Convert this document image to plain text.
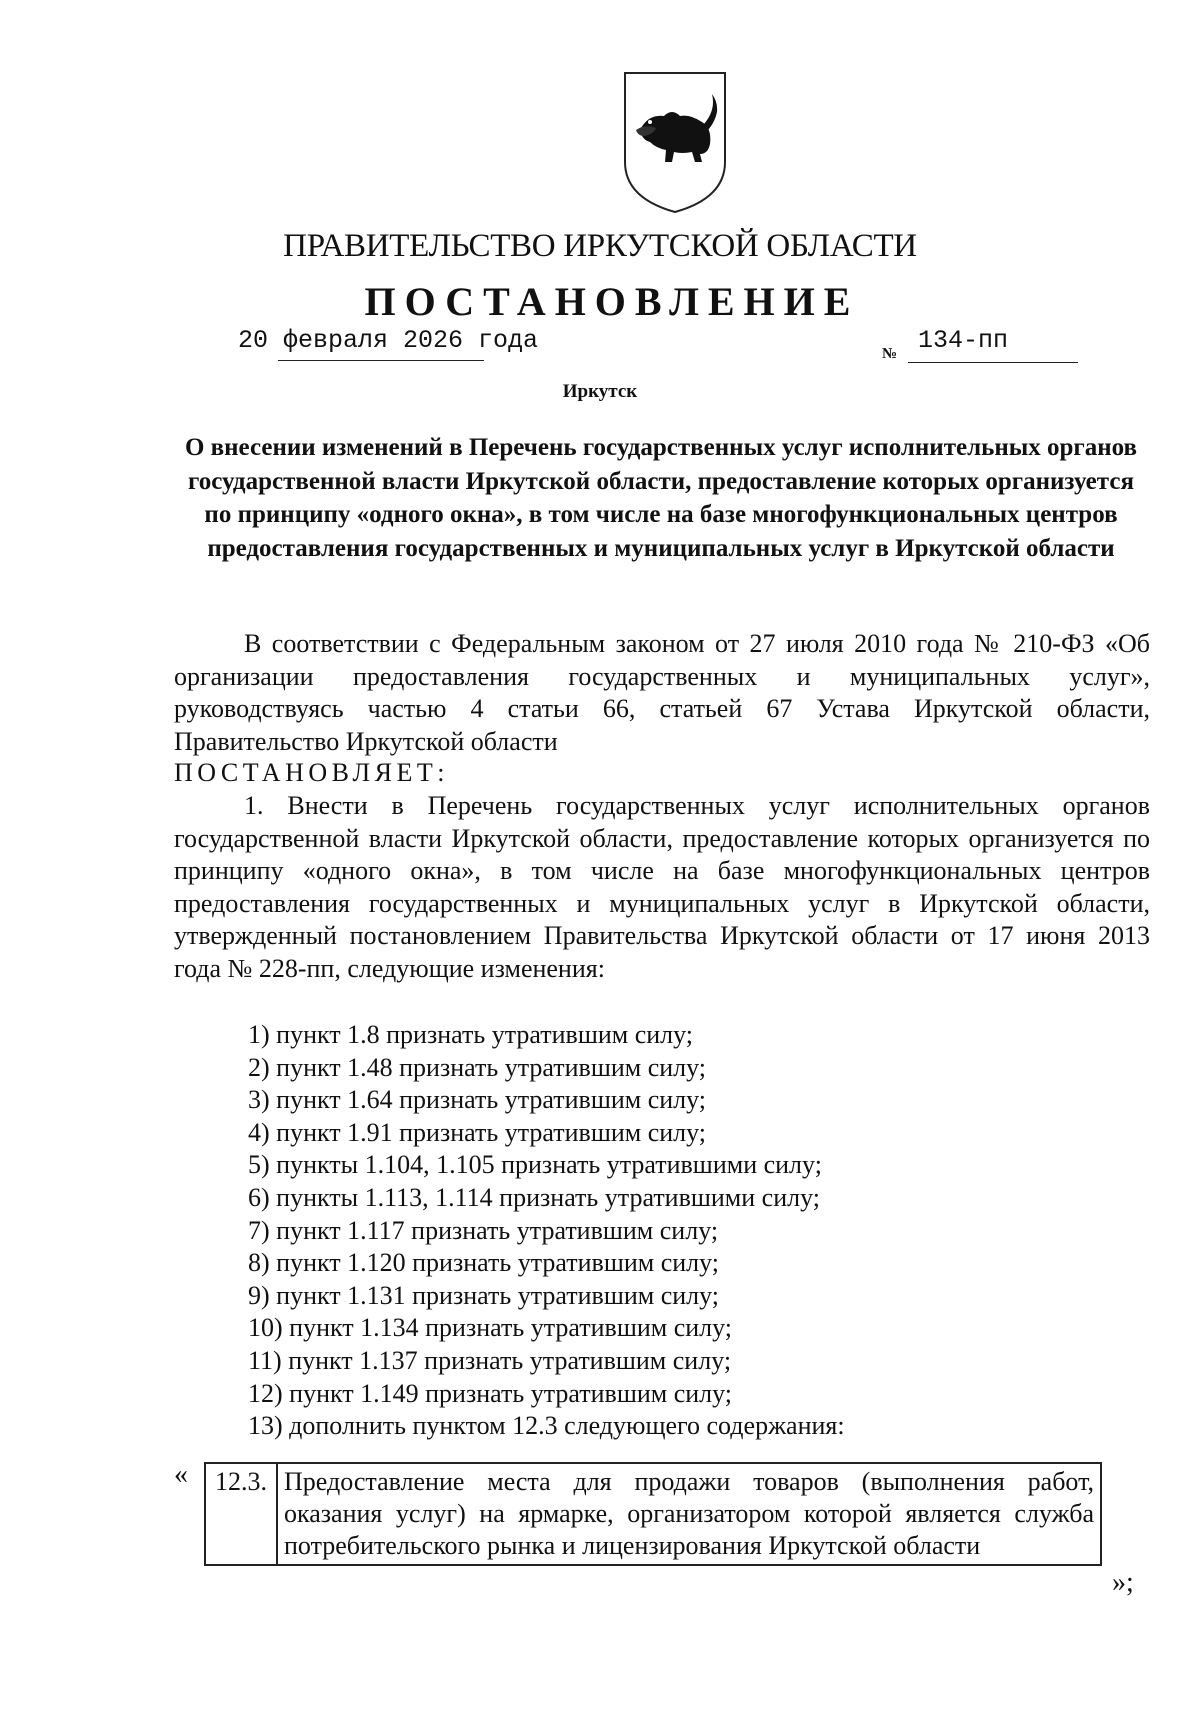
ПРАВИТЕЛЬСТВО ИРКУТСКОЙ ОБЛАСТИ
ПОСТАНОВЛЕНИЕ
20 февраля 2026 года	№ 134-пп
Иркутск
О внесении изменений в Перечень государственных услуг исполнительных органов государственной власти Иркутской области, предоставление которых организуется по принципу «одного окна», в том числе на базе многофункциональных центров предоставления государственных и муниципальных услуг в Иркутской области
В соответствии с Федеральным законом от 27 июля 2010 года № 210-ФЗ «Об организации предоставления государственных и муниципальных услуг», руководствуясь частью 4 статьи 66, статьей 67 Устава Иркутской области, Правительство Иркутской области
ПОСТАНОВЛЯЕТ:
1. Внести в Перечень государственных услуг исполнительных органов государственной власти Иркутской области, предоставление которых организуется по принципу «одного окна», в том числе на базе многофункциональных центров предоставления государственных и муниципальных услуг в Иркутской области, утвержденный постановлением Правительства Иркутской области от 17 июня 2013 года № 228-пп, следующие изменения:

1) пункт 1.8 признать утратившим силу;

2) пункт 1.48 признать утратившим силу;

3) пункт 1.64 признать утратившим силу;

4) пункт 1.91 признать утратившим силу;

5) пункты 1.104, 1.105 признать утратившими силу;

6) пункты 1.113, 1.114 признать утратившими силу;

7) пункт 1.117 признать утратившим силу;

8) пункт 1.120 признать утратившим силу;

9) пункт 1.131 признать утратившим силу;

10) пункт 1.134 признать утратившим силу;

11) пункт 1.137 признать утратившим силу;

12) пункт 1.149 признать утратившим силу;

13) дополнить пунктом 12.3 следующего содержания:

« 12.3.	Предоставление места для продажи товаров (выполнения работ, оказания услуг) на ярмарке, организатором которой является служба потребительского рынка и лицензирования Иркутской области
»;
